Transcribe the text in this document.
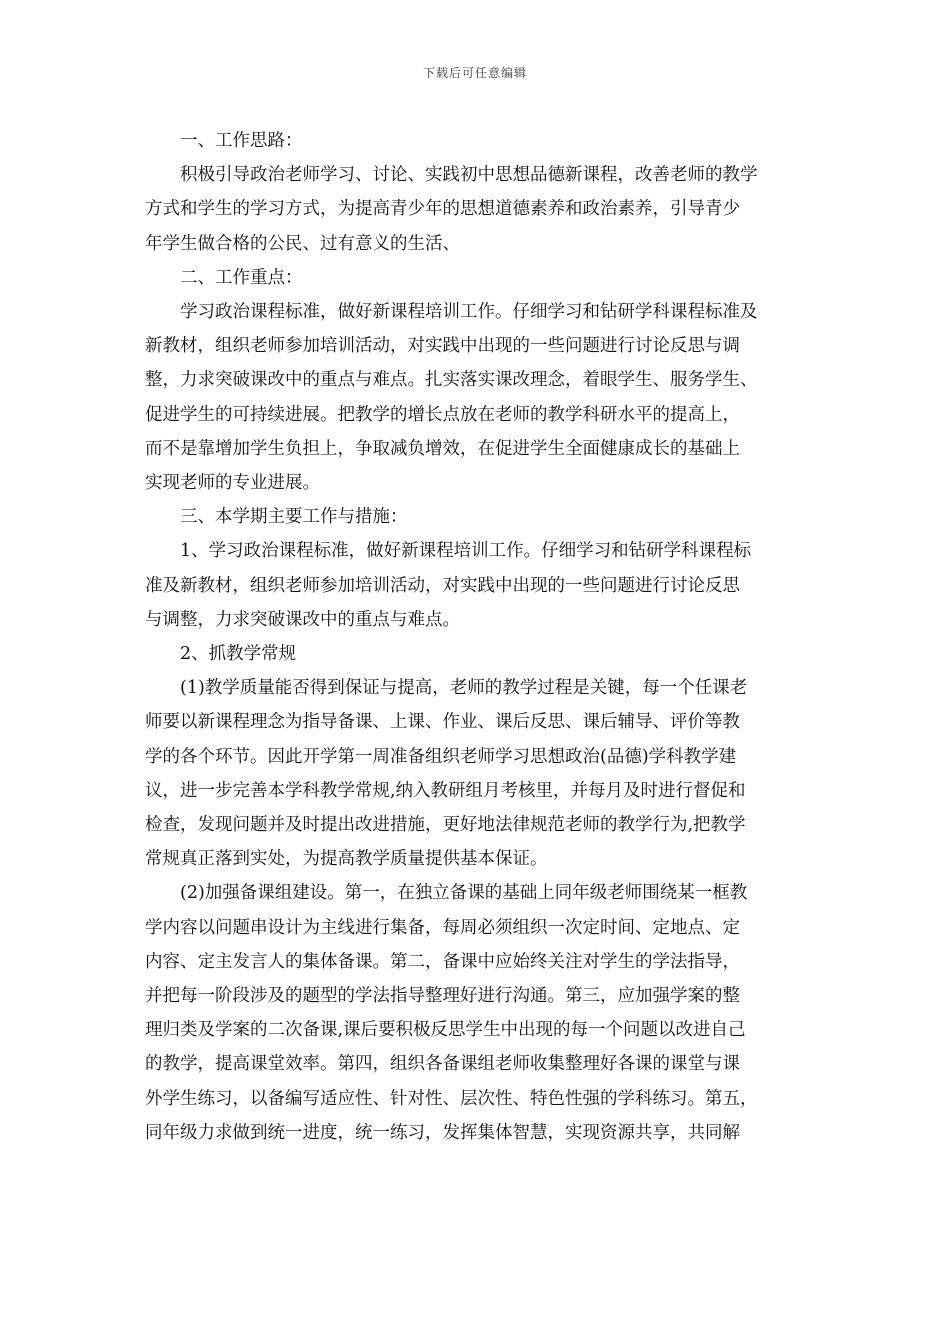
下载后可任意编辑

　　一、工作思路：
　　积极引导政治老师学习、讨论、实践初中思想品德新课程，改善老师的教学
方式和学生的学习方式，为提高青少年的思想道德素养和政治素养，引导青少
年学生做合格的公民、过有意义的生活、
　　二、工作重点：
　　学习政治课程标准，做好新课程培训工作。仔细学习和钻研学科课程标准及
新教材，组织老师参加培训活动，对实践中出现的一些问题进行讨论反思与调
整，力求突破课改中的重点与难点。扎实落实课改理念，着眼学生、服务学生、
促进学生的可持续进展。把教学的增长点放在老师的教学科研水平的提高上，
而不是靠增加学生负担上，争取减负增效，在促进学生全面健康成长的基础上
实现老师的专业进展。
　　三、本学期主要工作与措施：
　　1、学习政治课程标准，做好新课程培训工作。仔细学习和钻研学科课程标
准及新教材，组织老师参加培训活动，对实践中出现的一些问题进行讨论反思
与调整，力求突破课改中的重点与难点。
　　2、抓教学常规
　　(1)教学质量能否得到保证与提高，老师的教学过程是关键，每一个任课老
师要以新课程理念为指导备课、上课、作业、课后反思、课后辅导、评价等教
学的各个环节。因此开学第一周准备组织老师学习思想政治(品德)学科教学建
议，进一步完善本学科教学常规,纳入教研组月考核里，并每月及时进行督促和
检查，发现问题并及时提出改进措施，更好地法律规范老师的教学行为,把教学
常规真正落到实处，为提高教学质量提供基本保证。
　　(2)加强备课组建设。第一，在独立备课的基础上同年级老师围绕某一框教
学内容以问题串设计为主线进行集备，每周必须组织一次定时间、定地点、定
内容、定主发言人的集体备课。第二，备课中应始终关注对学生的学法指导，
并把每一阶段涉及的题型的学法指导整理好进行沟通。第三，应加强学案的整
理归类及学案的二次备课,课后要积极反思学生中出现的每一个问题以改进自己
的教学，提高课堂效率。第四，组织各备课组老师收集整理好各课的课堂与课
外学生练习，以备编写适应性、针对性、层次性、特色性强的学科练习。第五，
同年级力求做到统一进度，统一练习，发挥集体智慧，实现资源共享，共同解
